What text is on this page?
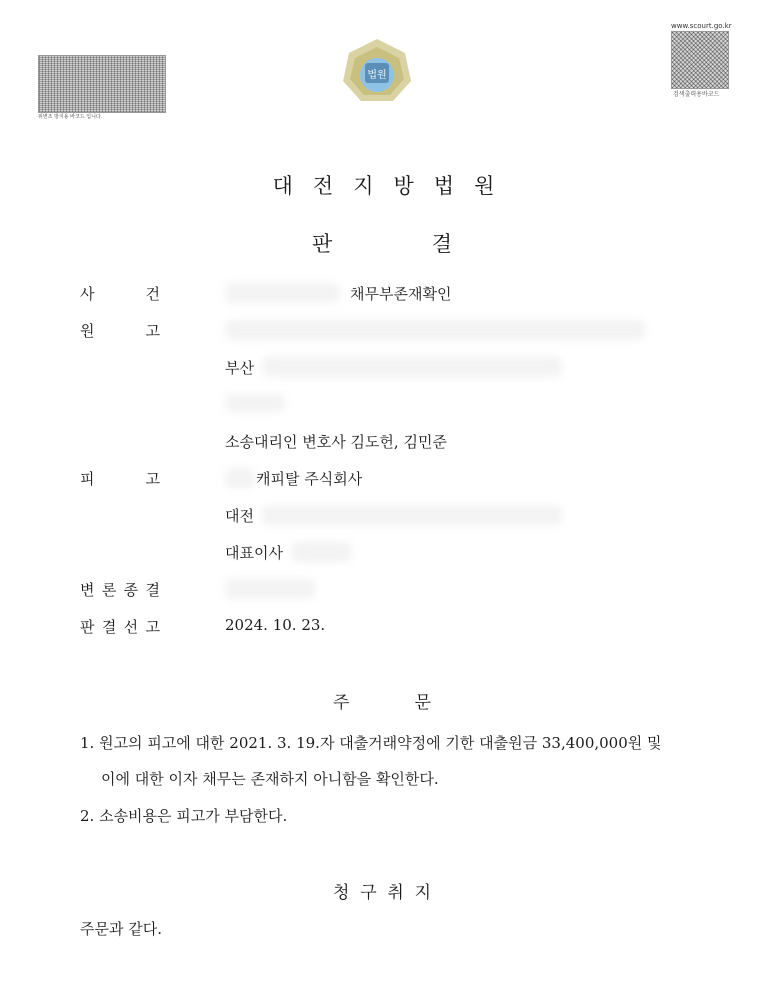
위변조 방지용 바코드 입니다.
www.scourt.go.kr
검색출력용바코드
법원
대전지방법원
판	결
사	건	채무부존재확인
원	고
부산
소송대리인 변호사 김도헌, 김민준
피	고	캐피탈 주식회사
대전
대표이사
변 론 종 결
판 결 선 고	2024. 10. 23.
주	문
1. 원고의 피고에 대한 2021. 3. 19.자 대출거래약정에 기한 대출원금 33,400,000원 및
이에 대한 이자 채무는 존재하지 아니함을 확인한다.
2. 소송비용은 피고가 부담한다.
청 구 취 지
주문과 같다.
